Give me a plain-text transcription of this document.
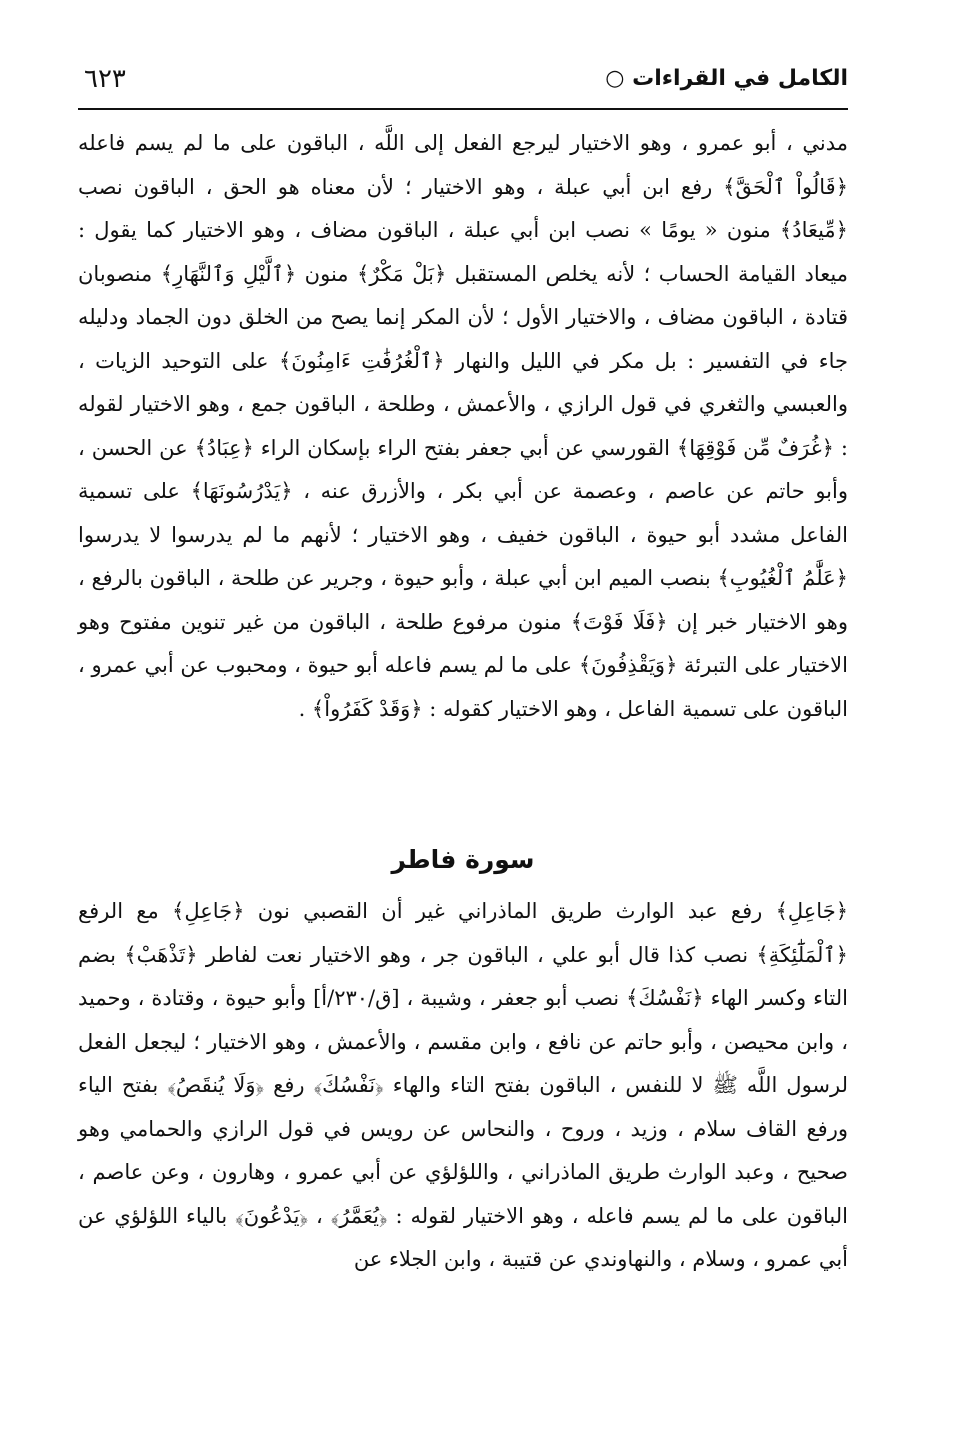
الكامل في القراءات ○
٦٢٣

مدني ، أبو عمرو ، وهو الاختيار ليرجع الفعل إلى اللَّه ، الباقون على ما لم يسم فاعله ﴿قَالُواْ ٱلْحَقَّ﴾ رفع ابن أبي عبلة ، وهو الاختيار ؛ لأن معناه هو الحق ، الباقون نصب ﴿مِّيعَادُ﴾ منون « يومًا » نصب ابن أبي عبلة ، الباقون مضاف ، وهو الاختيار كما يقول : ميعاد القيامة الحساب ؛ لأنه يخلص المستقبل ﴿بَلْ مَكْرٌ﴾ منون ﴿ٱلَّيْلِ وَٱلنَّهَارِ﴾ منصوبان قتادة ، الباقون مضاف ، والاختيار الأول ؛ لأن المكر إنما يصح من الخلق دون الجماد ودليله جاء في التفسير : بل مكر في الليل والنهار ﴿ٱلْغُرُفَٰتِ ءَامِنُونَ﴾ على التوحيد الزيات ، والعبسي والثغري في قول الرازي ، والأعمش ، وطلحة ، الباقون جمع ، وهو الاختيار لقوله : ﴿غُرَفٌ مِّن فَوْقِهَا﴾ القورسي عن أبي جعفر بفتح الراء بإسكان الراء ﴿عِبَادُ﴾ عن الحسن ، وأبو حاتم عن عاصم ، وعصمة عن أبي بكر ، والأزرق عنه ، ﴿يَدْرُسُونَهَا﴾ على تسمية الفاعل مشدد أبو حيوة ، الباقون خفيف ، وهو الاختيار ؛ لأنهم ما لم يدرسوا لا يدرسوا ﴿عَلَّٰمُ ٱلْغُيُوبِ﴾ بنصب الميم ابن أبي عبلة ، وأبو حيوة ، وجرير عن طلحة ، الباقون بالرفع ، وهو الاختيار خبر إن ﴿فَلَا فَوْتَ﴾ منون مرفوع طلحة ، الباقون من غير تنوين مفتوح وهو الاختيار على التبرئة ﴿وَيَقْذِفُونَ﴾ على ما لم يسم فاعله أبو حيوة ، ومحبوب عن أبي عمرو ، الباقون على تسمية الفاعل ، وهو الاختيار كقوله : ﴿وَقَدْ كَفَرُواْ﴾ .

سورة فاطر

﴿جَاعِلِ﴾ رفع عبد الوارث طريق الماذراني غير أن القصبي نون ﴿جَاعِلِ﴾ مع الرفع ﴿ٱلْمَلَٰٓئِكَةِ﴾ نصب كذا قال أبو علي ، الباقون جر ، وهو الاختيار نعت لفاطر ﴿تَذْهَبْ﴾ بضم التاء وكسر الهاء ﴿نَفْسُكَ﴾ نصب أبو جعفر ، وشيبة ، [ق/٢٣٠/أ] وأبو حيوة ، وقتادة ، وحميد ، وابن محيصن ، وأبو حاتم عن نافع ، وابن مقسم ، والأعمش ، وهو الاختيار ؛ ليجعل الفعل لرسول اللَّه ﷺ لا للنفس ، الباقون بفتح التاء والهاء ﴿نَفْسُكَ﴾ رفع ﴿وَلَا يُنقَصُ﴾ بفتح الياء ورفع القاف سلام ، وزيد ، وروح ، والنحاس عن رويس في قول الرازي والحمامي وهو صحيح ، وعبد الوارث طريق الماذراني ، واللؤلؤي عن أبي عمرو ، وهارون ، وعن عاصم ، الباقون على ما لم يسم فاعله ، وهو الاختيار لقوله : ﴿يُعَمَّرُ﴾ ، ﴿يَدْعُونَ﴾ بالياء اللؤلؤي عن أبي عمرو ، وسلام ، والنهاوندي عن قتيبة ، وابن الجلاء عن
